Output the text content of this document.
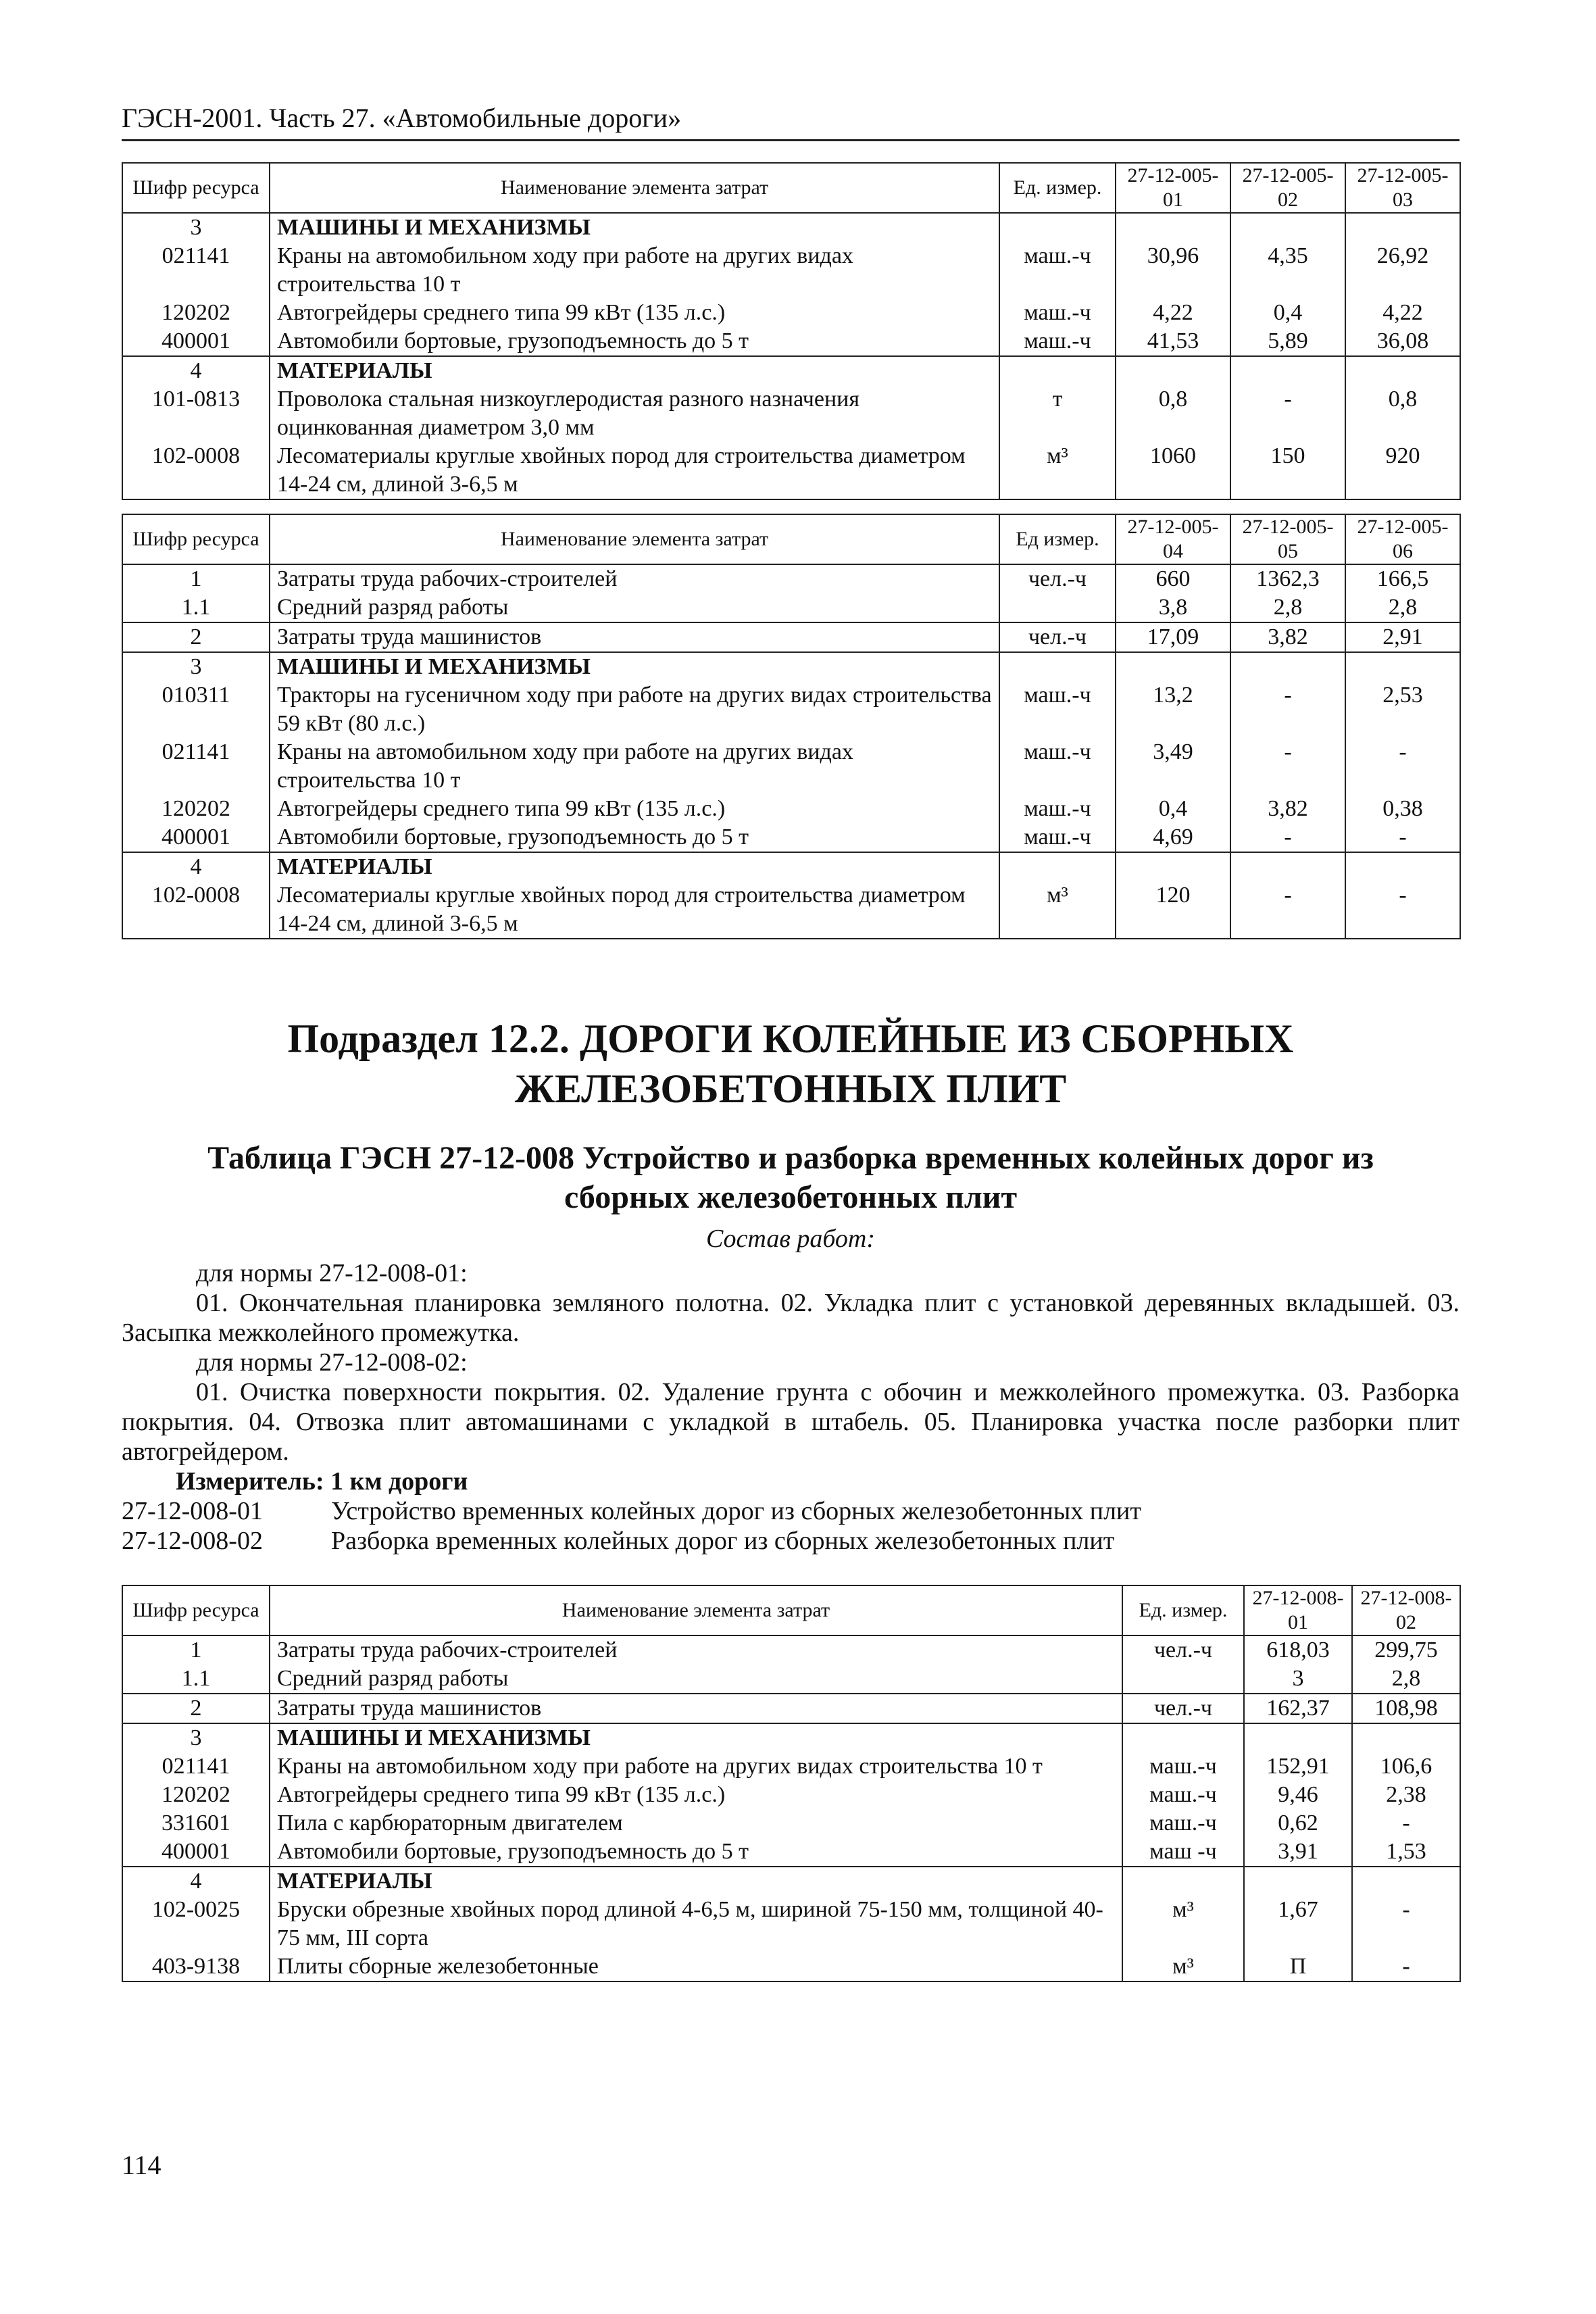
ГЭСН-2001. Часть 27. «Автомобильные дороги»
Шифр ресурса	Наименование элемента затрат	Ед. измер.	27-12-005-01	27-12-005-02	27-12-005-03
3	МАШИНЫ И МЕХАНИЗМЫ				
021141	Краны на автомобильном ходу при работе на других видах строительства 10 т	маш.-ч	30,96	4,35	26,92
120202	Автогрейдеры среднего типа 99 кВт (135 л.с.)	маш.-ч	4,22	0,4	4,22
400001	Автомобили бортовые, грузоподъемность до 5 т	маш.-ч	41,53	5,89	36,08
4	МАТЕРИАЛЫ				
101-0813	Проволока стальная низкоуглеродистая разного назначения оцинкованная диаметром 3,0 мм	т	0,8	-	0,8
102-0008	Лесоматериалы круглые хвойных пород для строительства диаметром 14-24 см, длиной 3-6,5 м	м³	1060	150	920
Шифр ресурса	Наименование элемента затрат	Ед измер.	27-12-005-04	27-12-005-05	27-12-005-06
1	Затраты труда рабочих-строителей	чел.-ч	660	1362,3	166,5
1.1	Средний разряд работы		3,8	2,8	2,8
2	Затраты труда машинистов	чел.-ч	17,09	3,82	2,91
3	МАШИНЫ И МЕХАНИЗМЫ				
010311	Тракторы на гусеничном ходу при работе на других видах строительства 59 кВт (80 л.с.)	маш.-ч	13,2	-	2,53
021141	Краны на автомобильном ходу при работе на других видах строительства 10 т	маш.-ч	3,49	-	-
120202	Автогрейдеры среднего типа 99 кВт (135 л.с.)	маш.-ч	0,4	3,82	0,38
400001	Автомобили бортовые, грузоподъемность до 5 т	маш.-ч	4,69	-	-
4	МАТЕРИАЛЫ				
102-0008	Лесоматериалы круглые хвойных пород для строительства диаметром 14-24 см, длиной 3-6,5 м	м³	120	-	-
Подраздел 12.2. ДОРОГИ КОЛЕЙНЫЕ ИЗ СБОРНЫХ
ЖЕЛЕЗОБЕТОННЫХ ПЛИТ
Таблица ГЭСН 27-12-008 Устройство и разборка временных колейных дорог из
сборных железобетонных плит
Состав работ:
для нормы 27-12-008-01:
01. Окончательная планировка земляного полотна. 02. Укладка плит с установкой деревянных вкладышей. 03. Засыпка межколейного промежутка.
для нормы 27-12-008-02:
01. Очистка поверхности покрытия. 02. Удаление грунта с обочин и межколейного промежутка. 03. Разборка покрытия. 04. Отвозка плит автомашинами с укладкой в штабель. 05. Планировка участка после разборки плит автогрейдером.
Измеритель: 1 км дороги
27-12-008-01	Устройство временных колейных дорог из сборных железобетонных плит
27-12-008-02	Разборка временных колейных дорог из сборных железобетонных плит
Шифр ресурса	Наименование элемента затрат	Ед. измер.	27-12-008-01	27-12-008-02
1	Затраты труда рабочих-строителей	чел.-ч	618,03	299,75
1.1	Средний разряд работы		3	2,8
2	Затраты труда машинистов	чел.-ч	162,37	108,98
3	МАШИНЫ И МЕХАНИЗМЫ			
021141	Краны на автомобильном ходу при работе на других видах строительства 10 т	маш.-ч	152,91	106,6
120202	Автогрейдеры среднего типа 99 кВт (135 л.с.)	маш.-ч	9,46	2,38
331601	Пила с карбюраторным двигателем	маш.-ч	0,62	-
400001	Автомобили бортовые, грузоподъемность до 5 т	маш -ч	3,91	1,53
4	МАТЕРИАЛЫ			
102-0025	Бруски обрезные хвойных пород длиной 4-6,5 м, шириной 75-150 мм, толщиной 40-75 мм, III сорта	м³	1,67	-
403-9138	Плиты сборные железобетонные	м³	П	-
114
